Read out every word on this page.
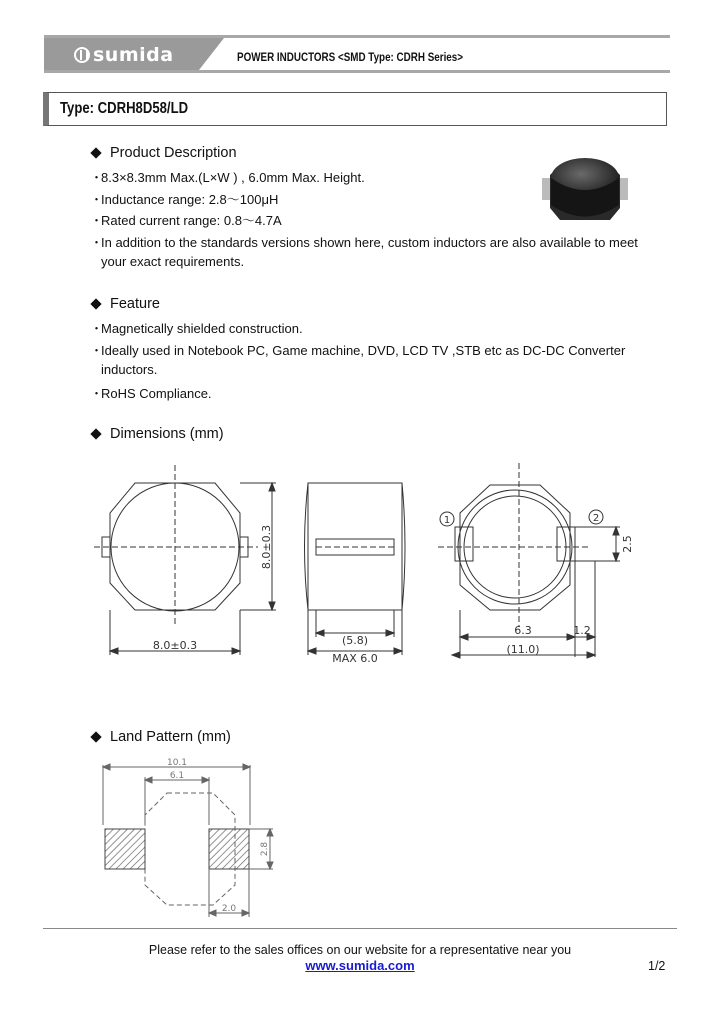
sumida	POWER INDUCTORS <SMD Type: CDRH Series>
Type: CDRH8D58/LD
Product Description
・8.3×8.3mm Max.(L×W ) , 6.0mm Max. Height.
・Inductance range: 2.8～100μH
・Rated current range: 0.8～4.7A
・In addition to the standards versions shown here, custom inductors are also available to meet
your exact requirements.
Feature
・Magnetically shielded construction.
・Ideally used in Notebook PC, Game machine, DVD, LCD TV ,STB etc as DC-DC Converter
inductors.
・RoHS Compliance.
Dimensions (mm)
8.0±0.3
8.0±0.3
(5.8)
MAX 6.0
1	2
6.3	1.2
(11.0)
2.5
Land Pattern (mm)
10.1
6.1
2.8
2.0
Please refer to the sales offices on our website for a representative near you
www.sumida.com	1/2
